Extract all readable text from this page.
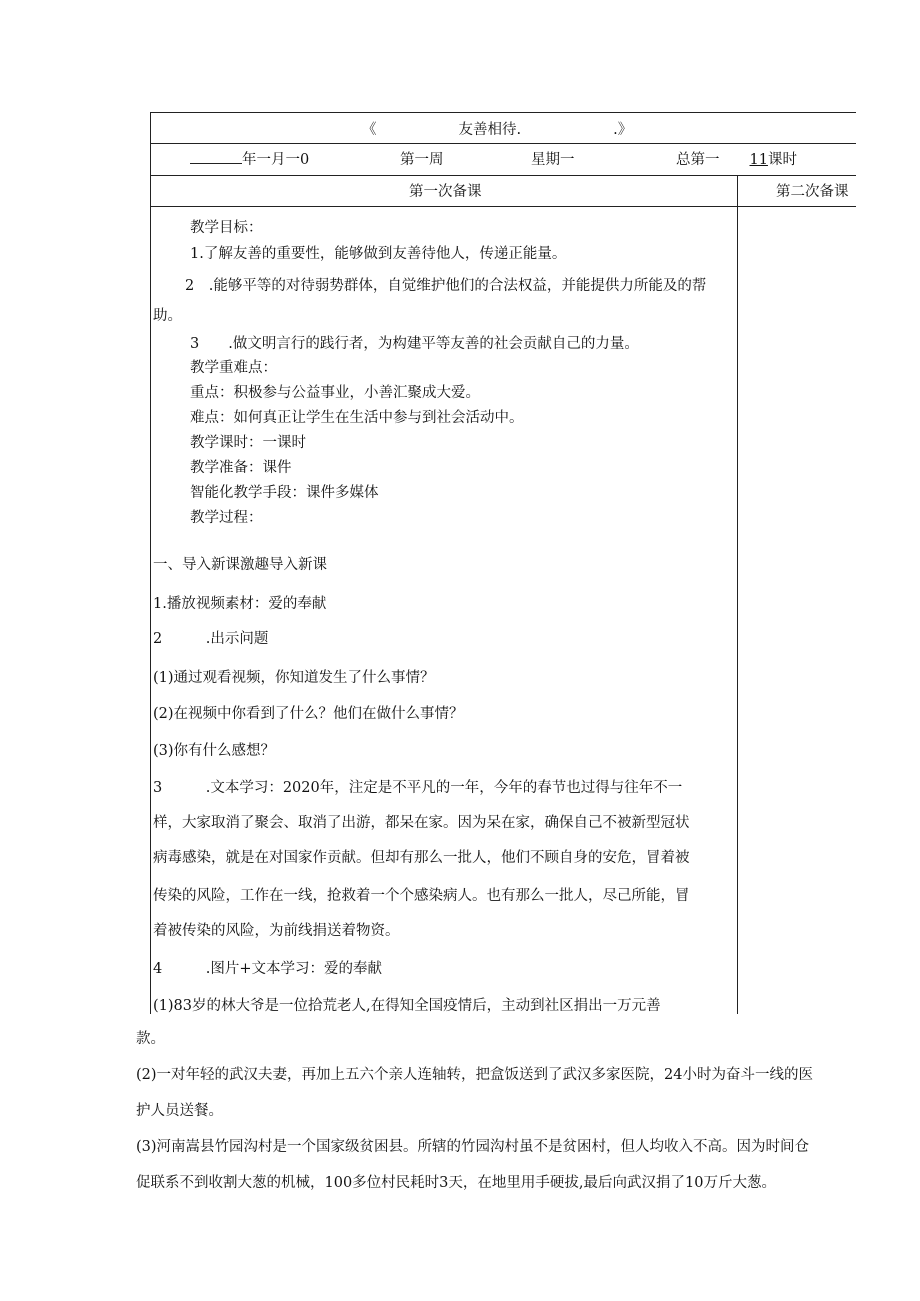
《	友善相待.	.》
年一月一0	第一周	星期一	总第一 11课时
第一次备课	第二次备课
教学目标：
1.了解友善的重要性，能够做到友善待他人，传递正能量。
2　.能够平等的对待弱势群体，自觉维护他们的合法权益，并能提供力所能及的帮
助。
3　　.做文明言行的践行者，为构建平等友善的社会贡献自己的力量。
教学重难点：
重点：积极参与公益事业，小善汇聚成大爱。
难点：如何真正让学生在生活中参与到社会活动中。
教学课时：一课时
教学准备：课件
智能化教学手段：课件多媒体
教学过程：
一、导入新课激趣导入新课
1.播放视频素材：爱的奉献
2　　　.出示问题
(1)通过观看视频，你知道发生了什么事情？
(2)在视频中你看到了什么？他们在做什么事情？
(3)你有什么感想？
3　　　.文本学习：2020年，注定是不平凡的一年，今年的春节也过得与往年不一
样，大家取消了聚会、取消了出游，都呆在家。因为呆在家，确保自己不被新型冠状
病毒感染，就是在对国家作贡献。但却有那么一批人，他们不顾自身的安危，冒着被
传染的风险，工作在一线，抢救着一个个感染病人。也有那么一批人，尽己所能，冒
着被传染的风险，为前线捐送着物资。
4　　　.图片+文本学习：爱的奉献
(1)83岁的林大爷是一位拾荒老人,在得知全国疫情后，主动到社区捐出一万元善
款。
(2)一对年轻的武汉夫妻，再加上五六个亲人连轴转，把盒饭送到了武汉多家医院，24小时为奋斗一线的医
护人员送餐。
(3)河南嵩县竹园沟村是一个国家级贫困县。所辖的竹园沟村虽不是贫困村，但人均收入不高。因为时间仓
促联系不到收割大葱的机械，100多位村民耗时3天，在地里用手硬拔,最后向武汉捐了10万斤大葱。
